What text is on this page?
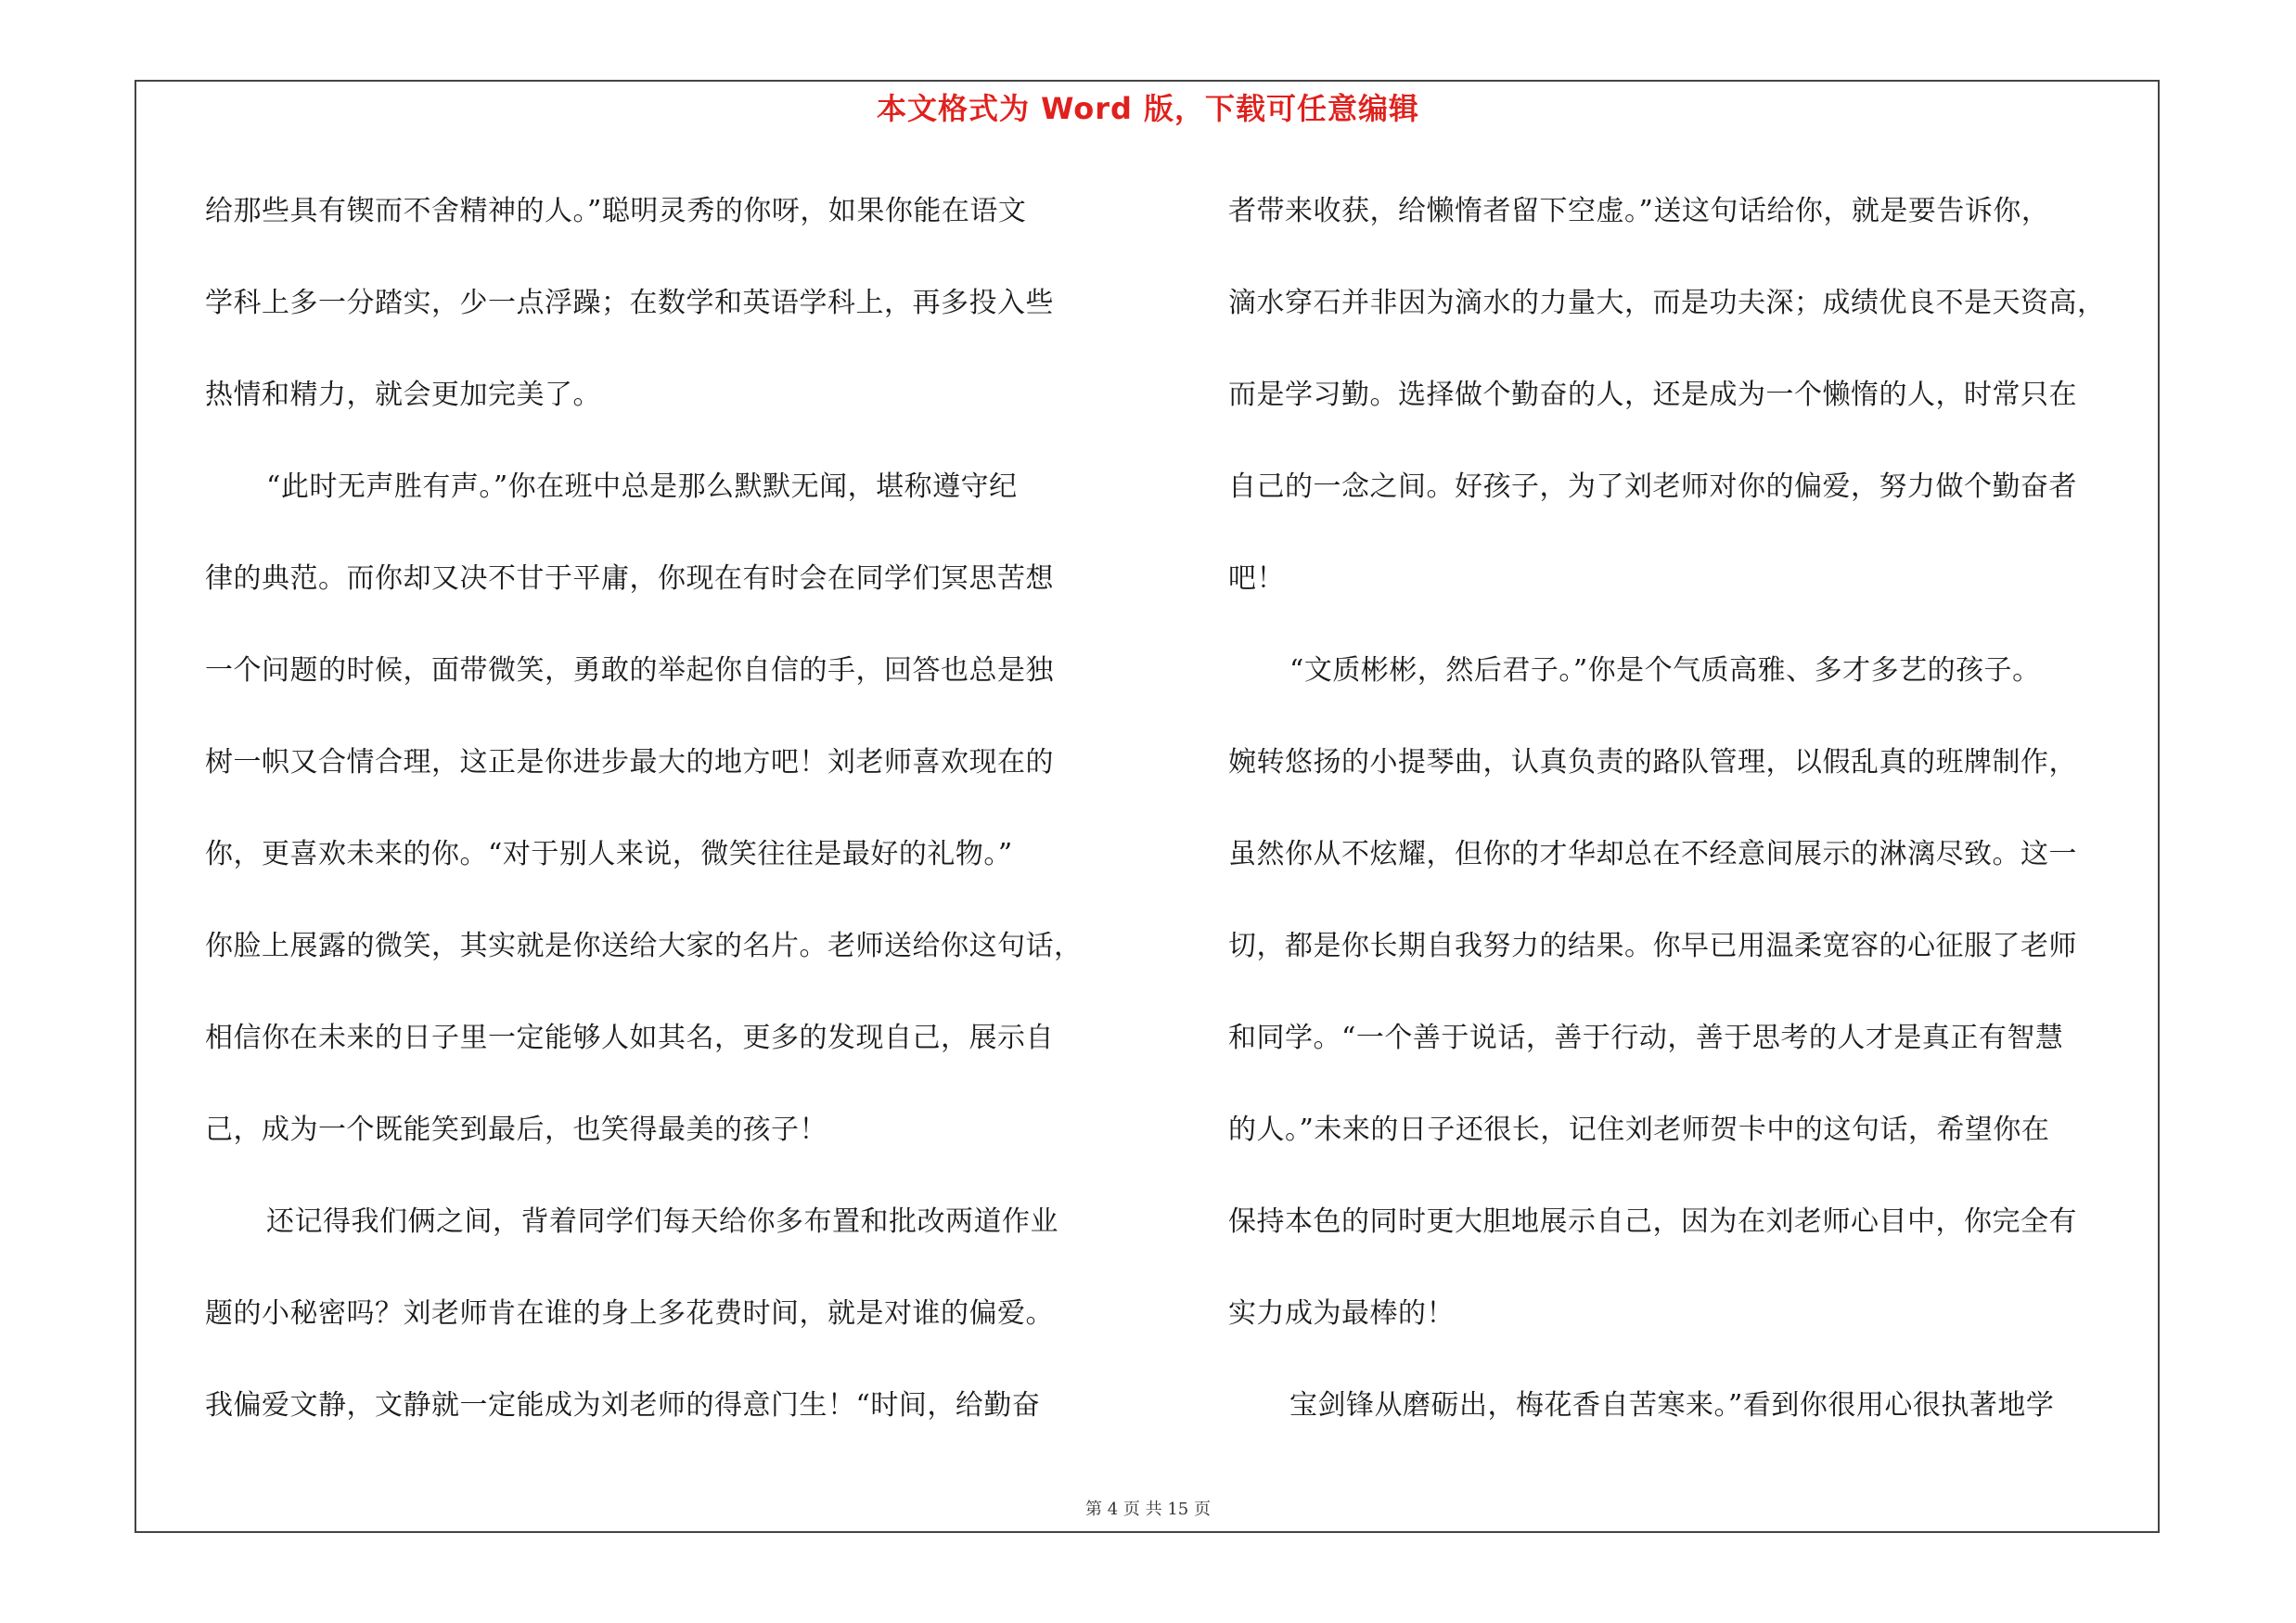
本文格式为 Word 版，下载可任意编辑
给那些具有锲而不舍精神的人。”聪明灵秀的你呀，如果你能在语文
学科上多一分踏实，少一点浮躁；在数学和英语学科上，再多投入些
热情和精力，就会更加完美了。
“此时无声胜有声。”你在班中总是那么默默无闻，堪称遵守纪
律的典范。而你却又决不甘于平庸，你现在有时会在同学们冥思苦想
一个问题的时候，面带微笑，勇敢的举起你自信的手，回答也总是独
树一帜又合情合理，这正是你进步最大的地方吧！刘老师喜欢现在的
你，更喜欢未来的你。“对于别人来说，微笑往往是最好的礼物。”
你脸上展露的微笑，其实就是你送给大家的名片。老师送给你这句话，
相信你在未来的日子里一定能够人如其名，更多的发现自己，展示自
己，成为一个既能笑到最后，也笑得最美的孩子！
还记得我们俩之间，背着同学们每天给你多布置和批改两道作业
题的小秘密吗？刘老师肯在谁的身上多花费时间，就是对谁的偏爱。
我偏爱文静，文静就一定能成为刘老师的得意门生！“时间，给勤奋
者带来收获，给懒惰者留下空虚。”送这句话给你，就是要告诉你，
滴水穿石并非因为滴水的力量大，而是功夫深；成绩优良不是天资高，
而是学习勤。选择做个勤奋的人，还是成为一个懒惰的人，时常只在
自己的一念之间。好孩子，为了刘老师对你的偏爱，努力做个勤奋者
吧！
“文质彬彬，然后君子。”你是个气质高雅、多才多艺的孩子。
婉转悠扬的小提琴曲，认真负责的路队管理，以假乱真的班牌制作，
虽然你从不炫耀，但你的才华却总在不经意间展示的淋漓尽致。这一
切，都是你长期自我努力的结果。你早已用温柔宽容的心征服了老师
和同学。“一个善于说话，善于行动，善于思考的人才是真正有智慧
的人。”未来的日子还很长，记住刘老师贺卡中的这句话，希望你在
保持本色的同时更大胆地展示自己，因为在刘老师心目中，你完全有
实力成为最棒的！
宝剑锋从磨砺出，梅花香自苦寒来。”看到你很用心很执著地学
第 4 页 共 15 页
